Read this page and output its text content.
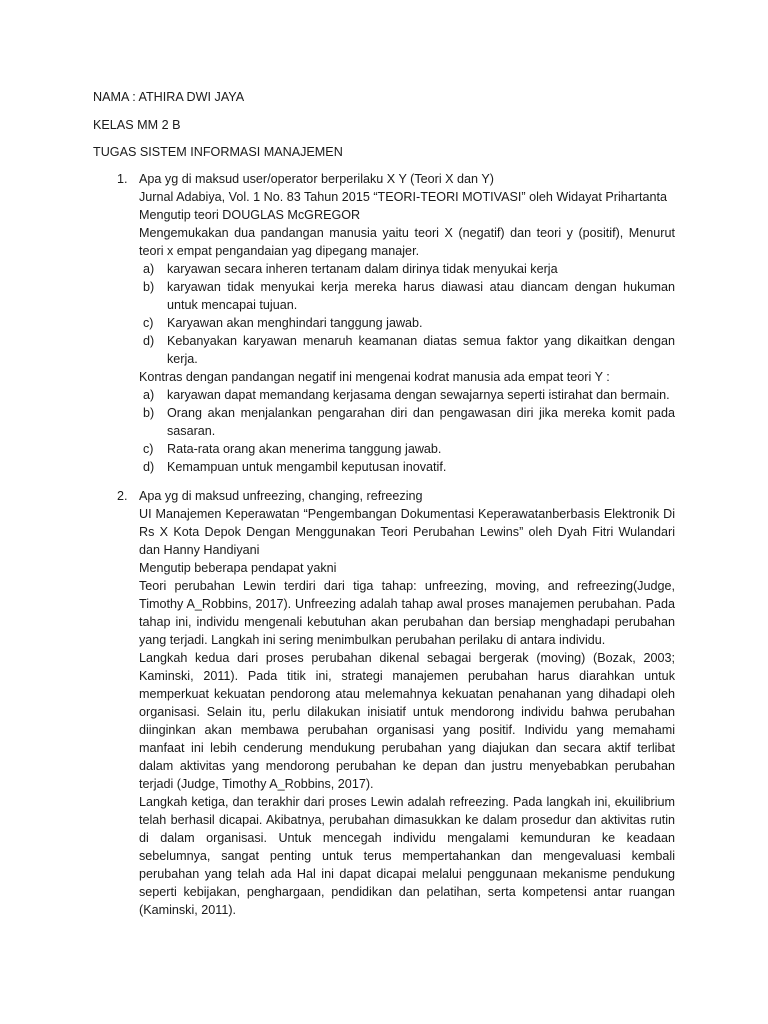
NAMA : ATHIRA DWI JAYA

KELAS MM 2 B

TUGAS SISTEM INFORMASI MANAJEMEN

1. Apa yg di maksud user/operator berperilaku X Y (Teori X dan Y)

Jurnal Adabiya, Vol. 1 No. 83 Tahun 2015 “TEORI-TEORI MOTIVASI” oleh Widayat Prihartanta

Mengutip teori DOUGLAS McGREGOR

Mengemukakan dua pandangan manusia yaitu teori X (negatif) dan teori y (positif), Menurut teori x empat pengandaian yag dipegang manajer.

a) karyawan secara inheren tertanam dalam dirinya tidak menyukai kerja
b) karyawan tidak menyukai kerja mereka harus diawasi atau diancam dengan hukuman untuk mencapai tujuan.
c) Karyawan akan menghindari tanggung jawab.
d) Kebanyakan karyawan menaruh keamanan diatas semua faktor yang dikaitkan dengan kerja.

Kontras dengan pandangan negatif ini mengenai kodrat manusia ada empat teori Y :

a) karyawan dapat memandang kerjasama dengan sewajarnya seperti istirahat dan bermain.
b) Orang akan menjalankan pengarahan diri dan pengawasan diri jika mereka komit pada sasaran.
c) Rata-rata orang akan menerima tanggung jawab.
d) Kemampuan untuk mengambil keputusan inovatif.
2. Apa yg di maksud unfreezing, changing, refreezing

UI Manajemen Keperawatan “Pengembangan Dokumentasi Keperawatanberbasis Elektronik Di Rs X Kota Depok Dengan Menggunakan Teori Perubahan Lewins” oleh Dyah Fitri Wulandari dan Hanny Handiyani

Mengutip beberapa pendapat yakni

Teori perubahan Lewin terdiri dari tiga tahap: unfreezing, moving, and refreezing(Judge, Timothy A_Robbins, 2017). Unfreezing adalah tahap awal proses manajemen perubahan. Pada tahap ini, individu mengenali kebutuhan akan perubahan dan bersiap menghadapi perubahan yang terjadi. Langkah ini sering menimbulkan perubahan perilaku di antara individu.

Langkah kedua dari proses perubahan dikenal sebagai bergerak (moving) (Bozak, 2003; Kaminski, 2011). Pada titik ini, strategi manajemen perubahan harus diarahkan untuk memperkuat kekuatan pendorong atau melemahnya kekuatan penahanan yang dihadapi oleh organisasi. Selain itu, perlu dilakukan inisiatif untuk mendorong individu bahwa perubahan diinginkan akan membawa perubahan organisasi yang positif. Individu yang memahami manfaat ini lebih cenderung mendukung perubahan yang diajukan dan secara aktif terlibat dalam aktivitas yang mendorong perubahan ke depan dan justru menyebabkan perubahan terjadi (Judge, Timothy A_Robbins, 2017).

Langkah ketiga, dan terakhir dari proses Lewin adalah refreezing. Pada langkah ini, ekuilibrium telah berhasil dicapai. Akibatnya, perubahan dimasukkan ke dalam prosedur dan aktivitas rutin di dalam organisasi. Untuk mencegah individu mengalami kemunduran ke keadaan sebelumnya, sangat penting untuk terus mempertahankan dan mengevaluasi kembali perubahan yang telah ada Hal ini dapat dicapai melalui penggunaan mekanisme pendukung seperti kebijakan, penghargaan, pendidikan dan pelatihan, serta kompetensi antar ruangan (Kaminski, 2011).
